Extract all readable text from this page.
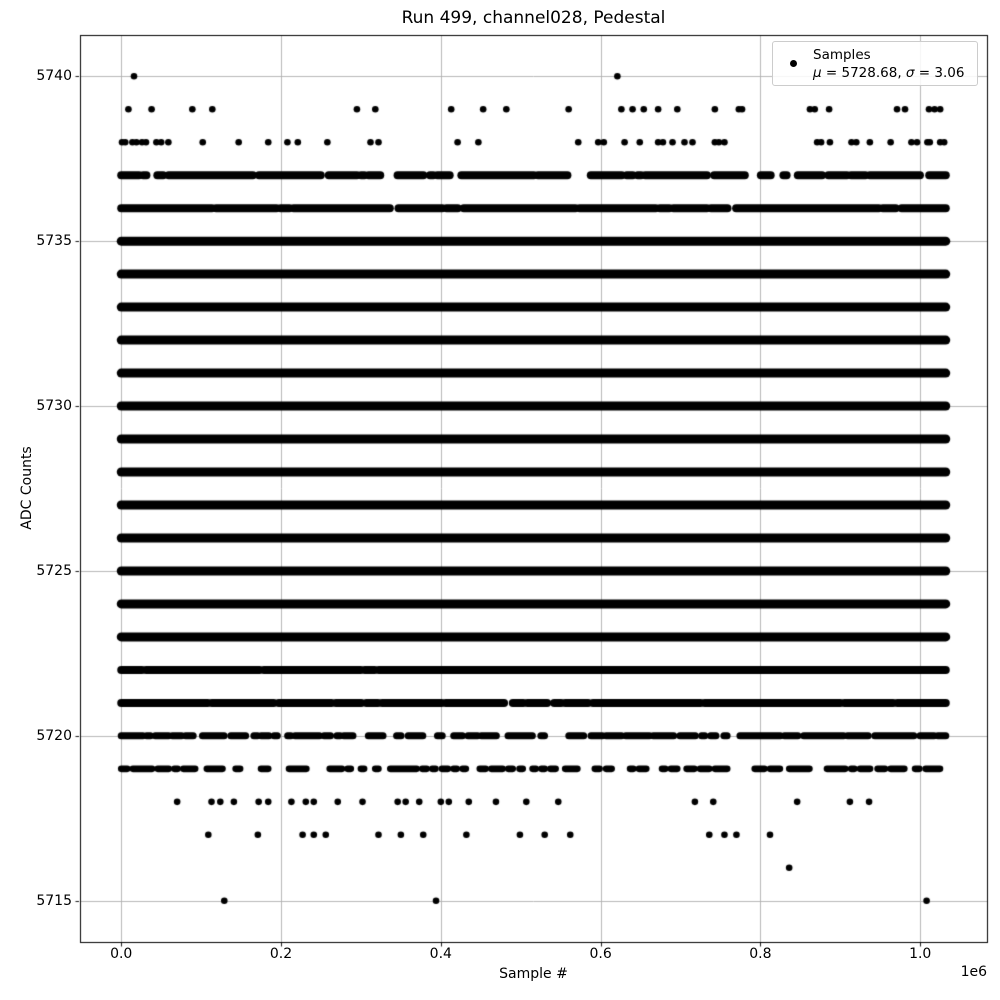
Run 499, channel028, Pedestal
ADC Counts
Sample #	1e6
5715
5720
5725
5730
5735
5740
0.0	0.2	0.4	0.6	0.8	1.0
Samples
μ = 5728.68, σ = 3.06
